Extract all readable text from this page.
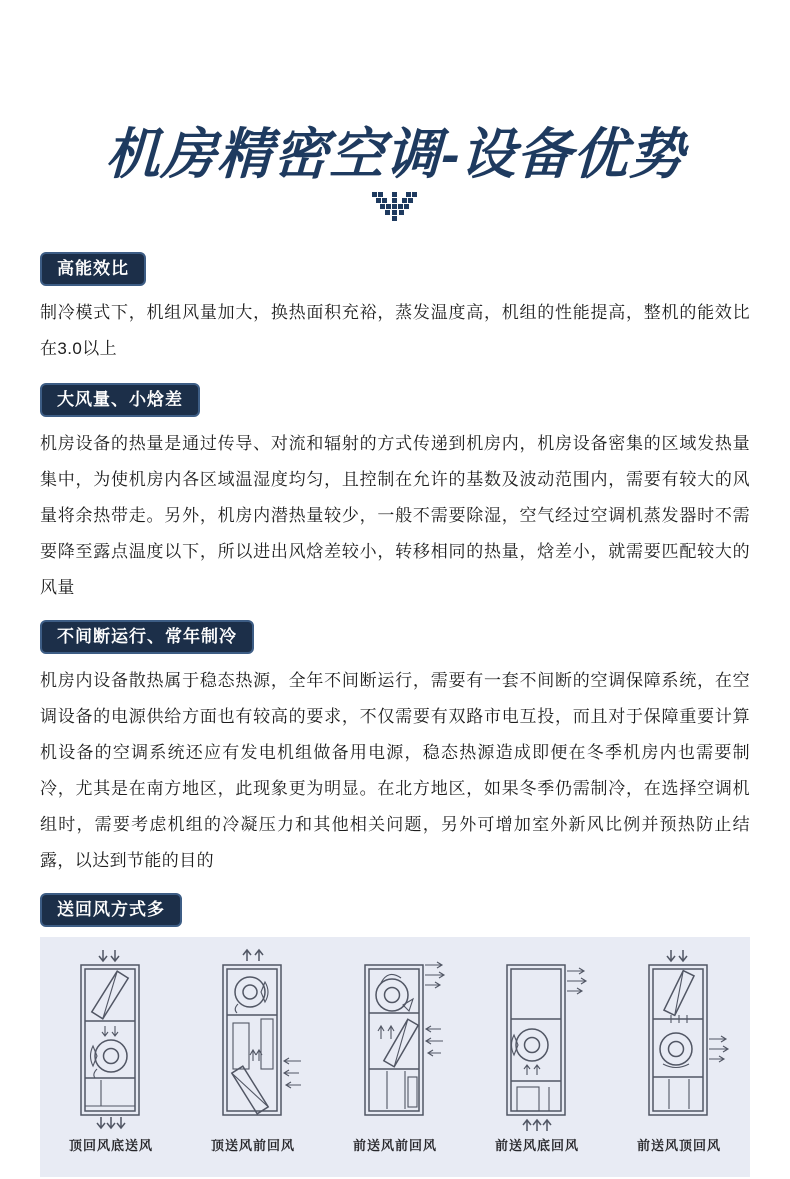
机房精密空调-设备优势
高能效比

制冷模式下，机组风量加大，换热面积充裕，蒸发温度高，机组的性能提高，整机的能效比在3.0以上

大风量、小焓差

机房设备的热量是通过传导、对流和辐射的方式传递到机房内，机房设备密集的区域发热量集中，为使机房内各区域温湿度均匀，且控制在允许的基数及波动范围内，需要有较大的风量将余热带走。另外，机房内潜热量较少，一般不需要除湿，空气经过空调机蒸发器时不需要降至露点温度以下，所以进出风焓差较小，转移相同的热量，焓差小，就需要匹配较大的风量

不间断运行、常年制冷

机房内设备散热属于稳态热源，全年不间断运行，需要有一套不间断的空调保障系统，在空调设备的电源供给方面也有较高的要求，不仅需要有双路市电互投，而且对于保障重要计算机设备的空调系统还应有发电机组做备用电源，稳态热源造成即便在冬季机房内也需要制冷，尤其是在南方地区，此现象更为明显。在北方地区，如果冬季仍需制冷，在选择空调机组时，需要考虑机组的冷凝压力和其他相关问题，另外可增加室外新风比例并预热防止结露，以达到节能的目的

送回风方式多
顶回风底送风	顶送风前回风	前送风前回风	前送风底回风	前送风顶回风
